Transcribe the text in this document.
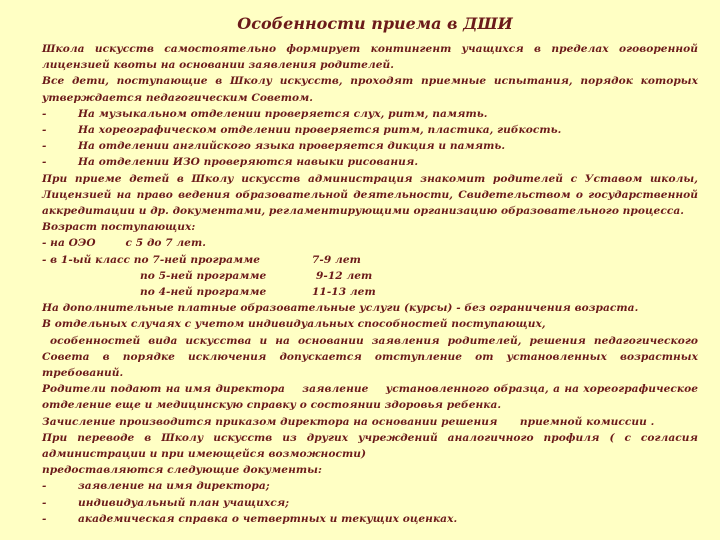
Особенности приема в ДШИ

Школа искусств самостоятельно формирует контингент учащихся в пределах оговоренной лицензией квоты на основании заявления родителей.

Все дети, поступающие в Школу искусств, проходят приемные испытания, порядок которых утверждается педагогическим Советом.

-	На музыкальном отделении проверяется слух, ритм, память.
-	На хореографическом отделении проверяется ритм, пластика, гибкость.
-	На отделении английского языка проверяется дикция и память.
-	На отделении ИЗО проверяются навыки рисования.

При приеме детей в Школу искусств администрация знакомит родителей с Уставом школы, Лицензией на право ведения образовательной деятельности, Свидетельством о государственной аккредитации и др. документами, регламентирующими организацию образовательного процесса.

Возраст поступающих:

- на ОЭО        с 5 до 7 лет.

- в 1-ый класс по 7-ней программе	7-9 лет
по 5-ней программе	9-12 лет
по 4-ней программе	11-13 лет

На дополнительные платные образовательные услуги (курсы) - без ограничения возраста.

В отдельных случаях с учетом индивидуальных способностей поступающих,

особенностей вида искусства и на основании заявления родителей, решения педагогического Совета в порядке исключения допускается отступление от установленных возрастных требований.

Родители подают на имя директора    заявление    установленного образца, а на хореографическое отделение еще и медицинскую справку о состоянии здоровья ребенка.

Зачисление производится приказом директора на основании решения      приемной комиссии .

При переводе в Школу искусств из других учреждений аналогичного профиля ( с согласия администрации и при имеющейся возможности)

предоставляются следующие документы:

-	заявление на имя директора;
-	индивидуальный план учащихся;
-	академическая справка о четвертных и текущих оценках.
